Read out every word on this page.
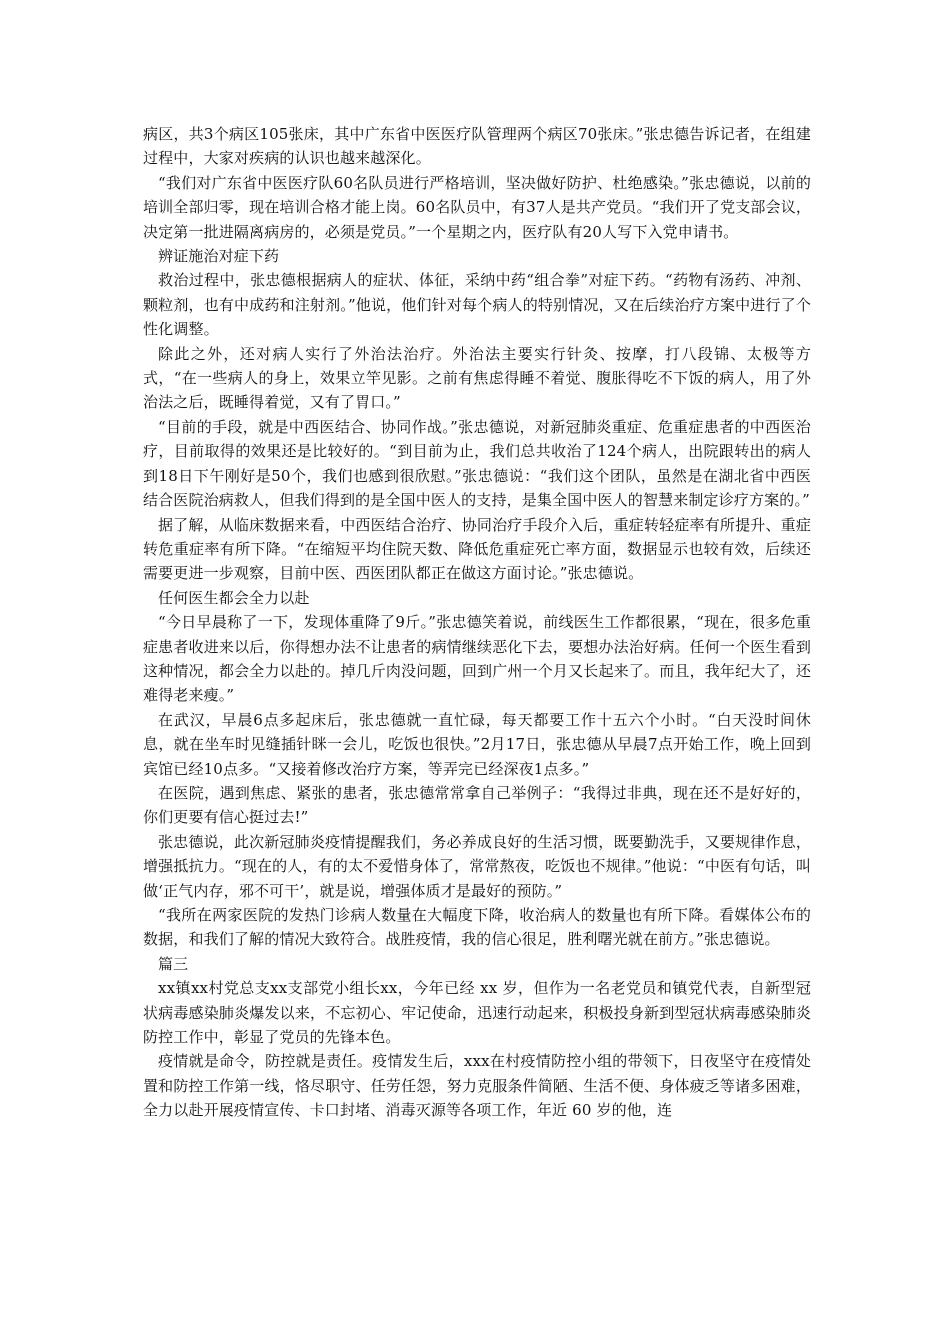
病区，共3个病区105张床，其中广东省中医医疗队管理两个病区70张床。”张忠德告诉记者，在组建过程中，大家对疾病的认识也越来越深化。

“我们对广东省中医医疗队60名队员进行严格培训，坚决做好防护、杜绝感染。”张忠德说，以前的培训全部归零，现在培训合格才能上岗。60名队员中，有37人是共产党员。“我们开了党支部会议，决定第一批进隔离病房的，必须是党员。”一个星期之内，医疗队有20人写下入党申请书。

辨证施治对症下药

救治过程中，张忠德根据病人的症状、体征，采纳中药“组合拳”对症下药。“药物有汤药、冲剂、颗粒剂，也有中成药和注射剂。”他说，他们针对每个病人的特别情况，又在后续治疗方案中进行了个性化调整。

除此之外，还对病人实行了外治法治疗。外治法主要实行针灸、按摩，打八段锦、太极等方式，“在一些病人的身上，效果立竿见影。之前有焦虑得睡不着觉、腹胀得吃不下饭的病人，用了外治法之后，既睡得着觉，又有了胃口。”

“目前的手段，就是中西医结合、协同作战。”张忠德说，对新冠肺炎重症、危重症患者的中西医治疗，目前取得的效果还是比较好的。“到目前为止，我们总共收治了124个病人，出院跟转出的病人到18日下午刚好是50个，我们也感到很欣慰。”张忠德说：“我们这个团队，虽然是在湖北省中西医结合医院治病救人，但我们得到的是全国中医人的支持，是集全国中医人的智慧来制定诊疗方案的。”

据了解，从临床数据来看，中西医结合治疗、协同治疗手段介入后，重症转轻症率有所提升、重症转危重症率有所下降。“在缩短平均住院天数、降低危重症死亡率方面，数据显示也较有效，后续还需要更进一步观察，目前中医、西医团队都正在做这方面讨论。”张忠德说。

任何医生都会全力以赴

“今日早晨称了一下，发现体重降了9斤。”张忠德笑着说，前线医生工作都很累，“现在，很多危重症患者收进来以后，你得想办法不让患者的病情继续恶化下去，要想办法治好病。任何一个医生看到这种情况，都会全力以赴的。掉几斤肉没问题，回到广州一个月又长起来了。而且，我年纪大了，还难得老来瘦。”

在武汉，早晨6点多起床后，张忠德就一直忙碌，每天都要工作十五六个小时。“白天没时间休息，就在坐车时见缝插针眯一会儿，吃饭也很快。”2月17日，张忠德从早晨7点开始工作，晚上回到宾馆已经10点多。“又接着修改治疗方案，等弄完已经深夜1点多。”

在医院，遇到焦虑、紧张的患者，张忠德常常拿自己举例子：“我得过非典，现在还不是好好的，你们更要有信心挺过去!”

张忠德说，此次新冠肺炎疫情提醒我们，务必养成良好的生活习惯，既要勤洗手，又要规律作息，增强抵抗力。“现在的人，有的太不爱惜身体了，常常熬夜，吃饭也不规律。”他说：“中医有句话，叫做‘正气内存，邪不可干’，就是说，增强体质才是最好的预防。”

“我所在两家医院的发热门诊病人数量在大幅度下降，收治病人的数量也有所下降。看媒体公布的数据，和我们了解的情况大致符合。战胜疫情，我的信心很足，胜利曙光就在前方。”张忠德说。

篇三

xx镇xx村党总支xx支部党小组长xx，今年已经 xx 岁，但作为一名老党员和镇党代表，自新型冠状病毒感染肺炎爆发以来，不忘初心、牢记使命，迅速行动起来，积极投身新到型冠状病毒感染肺炎防控工作中，彰显了党员的先锋本色。

疫情就是命令，防控就是责任。疫情发生后，xxx在村疫情防控小组的带领下，日夜坚守在疫情处置和防控工作第一线，恪尽职守、任劳任怨，努力克服条件简陋、生活不便、身体疲乏等诸多困难，全力以赴开展疫情宣传、卡口封堵、消毒灭源等各项工作，年近 60 岁的他，连
